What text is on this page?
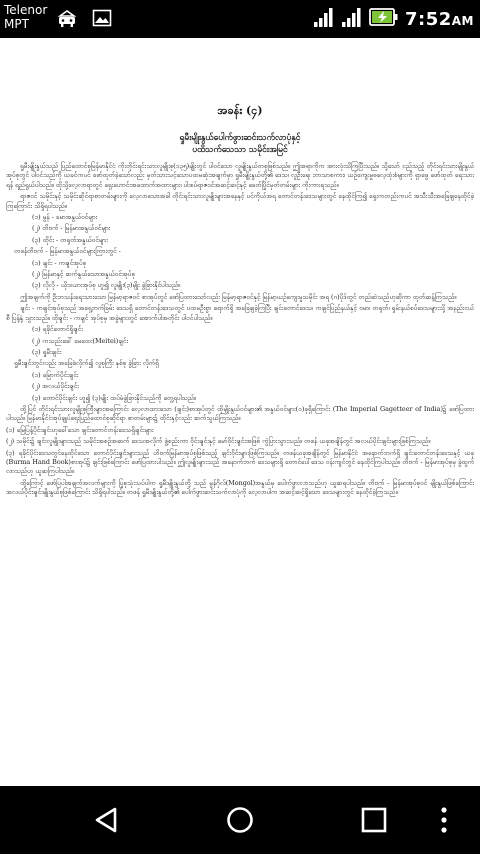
Telenor
MPT	7:52AM
အခန်း (၄)
ရှုမီးမျိုးနွယ်ပေါက်ဖွားဆင်းသက်လာပုံနှင့်
ပထိသက်သေသာ သမိုင်းအမြင်

ရှုမီးမျိုးနွယ်သည် ပြည်ထောင်စုမြန်မာနိုင်ငံ ကိုးတိုင်းရင်းသားလူမျိုးစု(၁၃၅)မျိုးတွင် ပါဝင်သော လူမျိုးနွယ်တစုဖြစ်သည်။ ဤအရာကိုက အားလုံးသိကြပြီးသည်။ သို့သော် ငည်သည့် တိုင်းရင်းသားမျိုးနွယ်အုပ်စုတွင် ပါဝင်သည်ကို ယခင်ကပင် ဖော်ထုတ်ခဲ့သော်လည်း မှတ်သားသင့်သောပထမဆုံးအချက်မှာ ရှုမီးမျိုးနွယ်တို့၏ ဒေသ၊ လူဦးရေ၊ ဘာသာစကား၊ ယဉ်ကျေးမှုဓလေ့ထုံးစံများကို ရှာဖွေ ဖော်ထုတ် ရေးသားရန် ရည်ရွယ်ပါသည်။ ထိုသို့လေ့လာရာတွင် ရှေးဟောင်းအထောက်အထားများ၊ ပါးစပ်ရာဇဝင်အဆင့်ဆင့်နှင့် ခေတ်ပြိုင်မှတ်တမ်းများ ကိုးကားရသည်။

ရာဇဝင် သမိုင်းနှင့် သမိုင်းဆိုင်ရာစာတမ်းများကို လေ့လာသောအခါ တိုင်းရင်းသားလူမျိုးများအနေနှင့် ပင်ကိုယ်အရ တောင်တန်းဒေသများတွင် နေထိုင်ကြ၍ ရှေးကတည်းကပင် အသီးသီးအခြေချနေထိုင်ခဲ့ကြကြောင်း သိရှိရပါသည်။

(၁) မွန် - ခမာအနွယ်ဝင်များ

(၂) တိဗက် - မြန်မာအနွယ်ဝင်များ

(၃) ထိုင်း - တရုတ်အနွယ်ဝင်များ

တဖန်တိဗက် - မြန်မာအနွယ်ဝင်များကြားတွင် -

(၁) ချင်း - ကချင်အုပ်စု

(၂) မြန်မာနှင့် ဆက်နွယ်သောအနွယ်ဝင်အုပ်စု

(၃) လိုလို - ယိုးဒယားအုပ်စု ဟူ၍ လူမျိုး(၃)မျိုး ခွဲခြားနိုင်ပါသည်။

ဤအချက်ကို ဦးဘသန်းရေးသားသော မြန်မာ့ရာဇဝင် စာအုပ်တွင် ဖော်ပြထားသော်လည်း မြန်မာ့ရာဇဝင်နှင့် မြန်မာ့ယဉ်ကျေးမှုသမိုင်း အရ (ဂ)ပိုဒ်တွင် တည်ဆဲသည်ဟုဆိုကာ ထုတ်ဆန့်ကြသည်။

ချင်း - ကချင်အုပ်စုသည် အရှေ့ဘက်ခြမ်း ဒေသရှိ တောင်တန်းဒေသတွင် ပထမဦးစွာ ရောက်ရှိ အခြေချခဲ့ကြပြီး ချင်းတောင်ဒေသ၊ ကချင်ပြည်နယ်နှင့် ဗမာ၊ တရုတ်၊ ရှမ်းနယ်စပ်ဒေသများသို့ အနည်းငယ်စီ ပြန့်နှံ့ သွားသည်။ ထိုချင်း - ကချင် အုပ်စုမှ အခွဲများတွင် အောက်ပါအတိုင်း ပါဝင်ပါသည်။

(၁) ရခိုင်တောင်ရှိချင်း

(၂) ကသည်းခေါ် မေထေး(Meitei)ချင်း

(၃) ရှုမီးချင်း

ရှုမီးချင်းတွင်လည်း အခြေခံလိုက်၍ လူစုကြီး နှစ်စု ခွဲခြား လိုက်ရှိ

(၁) မြောက်ပိုင်းချင်း

(၂) အလယ်ပိုင်းချင်း

(၃) တောင်ပိုင်းချင်း ဟူ၍ (၃)မျိုး ထပ်မံခွဲခြားနိုင်သည်ကို တွေ့ရပါသည်။

ထို့ပြင် တိုင်းရင်းသားလူမျိုးစုကြီးများအကြောင်း လေ့လာထားသော (ချင်း)စာအုပ်တွင် ထိုမျိုးနွယ်ဝင်များ၏ အနွယ်ဝင်များ(၀)ခုရှိကြောင်း (The Imperial Gagetteer of India)၌ ဖော်ပြထားပါသည်။ မြန်မာနိုင်ငံအုပ်ချုပ်ရေးပြည်ထောင်စုဆိုင်ရာ စာတမ်းများ၌ ထိုင်းနှင့်လည်း ဆက်သွယ်ကြသည်။

(၁) မြေပြန့်ပိုင်းချင်းဟုခေါ်သော ချင်းတောင်တန်းဒေသရှိချင်းများ

(၂) သမိုင်း၌ ချင်းလူမျိုးများသည် သမိုင်းအစဉ်အဆက် ဒေသအလိုက် ဖွဲ့စည်းကာ ဝိုင်းချင်းနှင့် မော်ဝိုင်းချင်းအဖြစ် ကွဲပြားသွားသည်။ တဖန် ယခုအချိန်တွင် အလယ်ပိုင်းချင်းများဖြစ်ကြသည်။

(၃) ရခိုင်ပိုင်းဒေသတွင်နေထိုင်သော တောင်ပိုင်းချင်းများသည် ဟိဗက်မြန်မာအုပ်စုဖြစ်သည့် ချင်းဝိုင်းများဖြစ်ကြသည်။ တဖန်ယခုအချိန်တွင် မြန်မာနိုင်ငံ အနောက်ဘက်ရှိ ချင်းတောင်တန်းဒေသနှင့် ယခု (Burma Hand Book)စာအုပ်၌ ချင်းဖြစ်ကြောင်း ဖော်ပြထားပါသည်။ ဤလူမျိုးများသည် အနောက်ဘက် ဒေသများရှိ တောင်ပေါ်ဒေသ ဝန်းကျင်တွင် နေထိုင်ကြပါသည်။ တိဗက် - မြန်မာအုပ်စုမှ ခွဲထွက်လာသည်ဟု ယူဆကြပါသည်။

ထို့ကြောင့် ဖော်ပြပါအချက်အလက်များကို ပြုစုသုံးသပ်ပါက ရှုမီးမျိုးနွယ်တို့ သည် မွန်ဂိုလ်(Mongol)အနွယ်မှ ပေါက်ဖွားလာသည်ဟု ယူဆရပါသည်။ တိဗက် - မြန်မာအုပ်စုဝင် မျိုးနွယ်ဖြစ်ကြောင်း အလယ်ပိုင်းချင်းမျိုးနွယ်စုဖြစ်ကြောင်း သိရှိရပါသည်။ တဖန် ရှုမီးမျိုးနွယ်တို့၏ ပေါက်ဖွားဆင်းသက်လာပုံကို လေ့လာပါက အဆင့်ဆင့်ရှိသော ဒေသများတွင် နေထိုင်ခဲ့ကြသည်။
